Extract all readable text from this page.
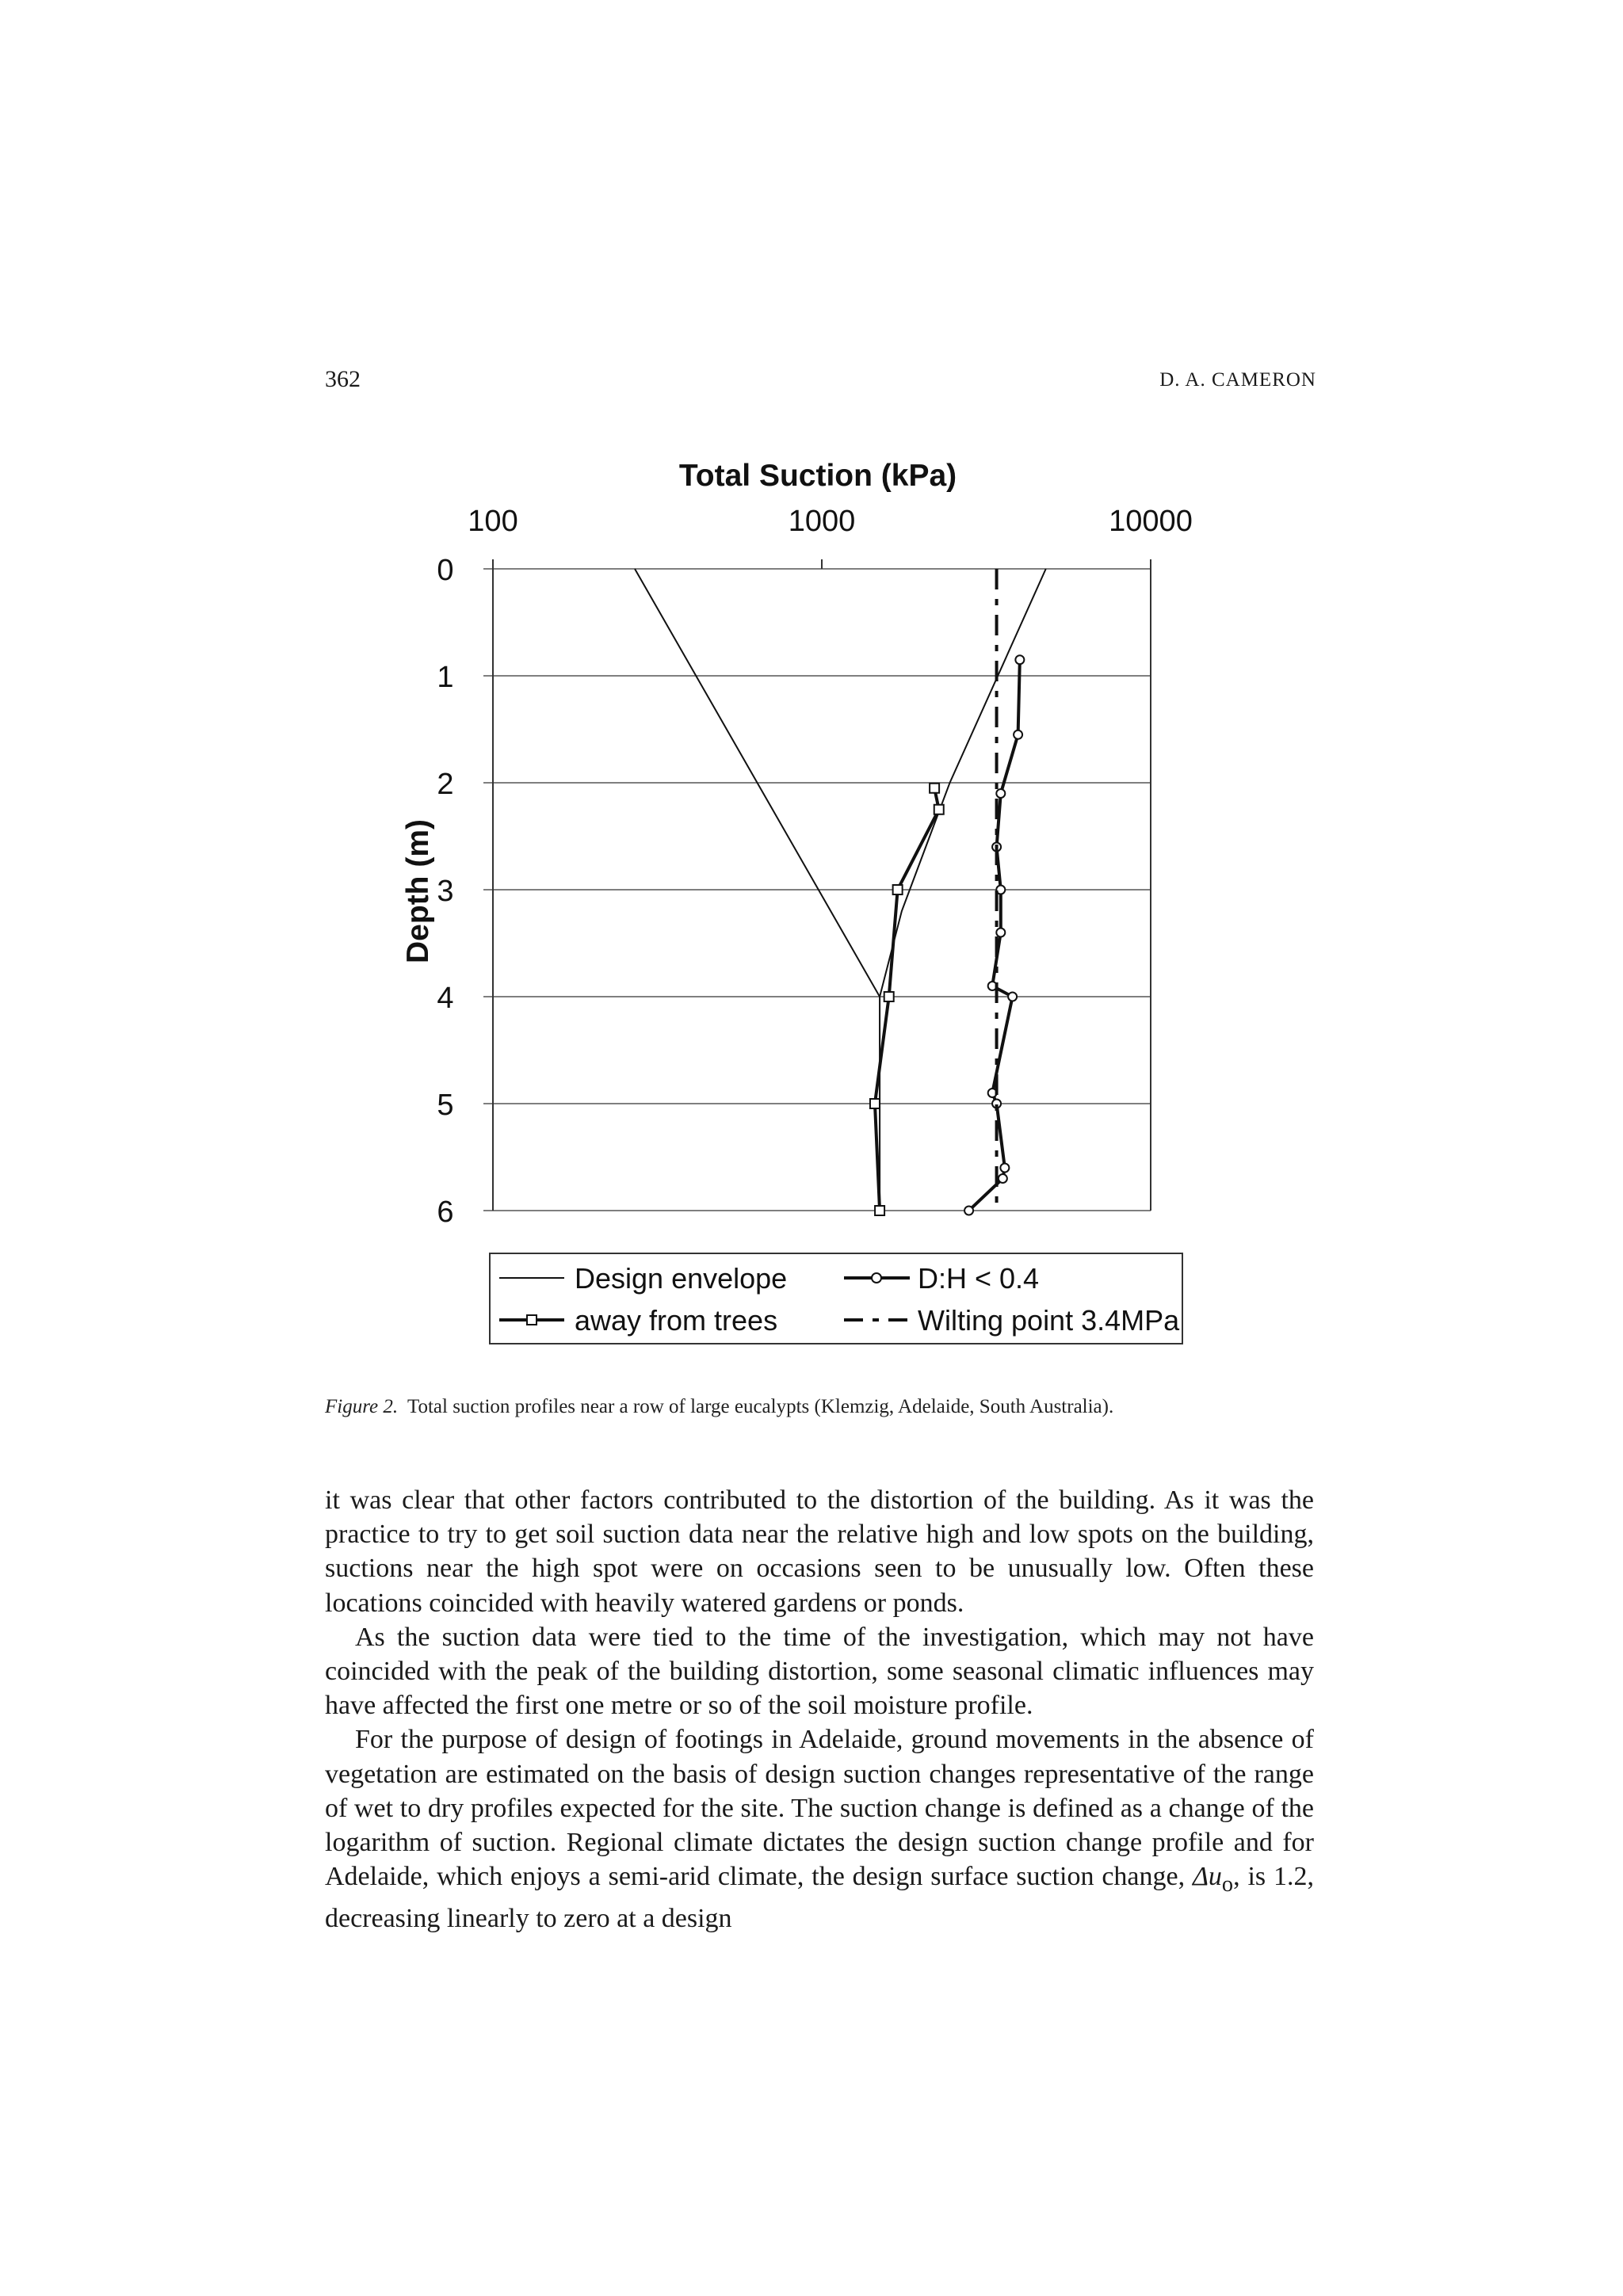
362	D. A. CAMERON
Total Suction (kPa)
Depth (m)
0
1
2
3
4
5
6
100	1000	10000
Design envelope
away from trees
D:H < 0.4
Wilting point 3.4MPa
Figure 2. Total suction profiles near a row of large eucalypts (Klemzig, Adelaide, South Australia).

it was clear that other factors contributed to the distortion of the building. As it was the practice to try to get soil suction data near the relative high and low spots on the building, suctions near the high spot were on occasions seen to be unusually low. Often these locations coincided with heavily watered gardens or ponds.

As the suction data were tied to the time of the investigation, which may not have coincided with the peak of the building distortion, some seasonal climatic influences may have affected the first one metre or so of the soil moisture profile.

For the purpose of design of footings in Adelaide, ground movements in the absence of vegetation are estimated on the basis of design suction changes representative of the range of wet to dry profiles expected for the site. The suction change is defined as a change of the logarithm of suction. Regional climate dictates the design suction change profile and for Adelaide, which enjoys a semi-arid climate, the design surface suction change, $\Delta u_o$, is 1.2, decreasing linearly to zero at a design
